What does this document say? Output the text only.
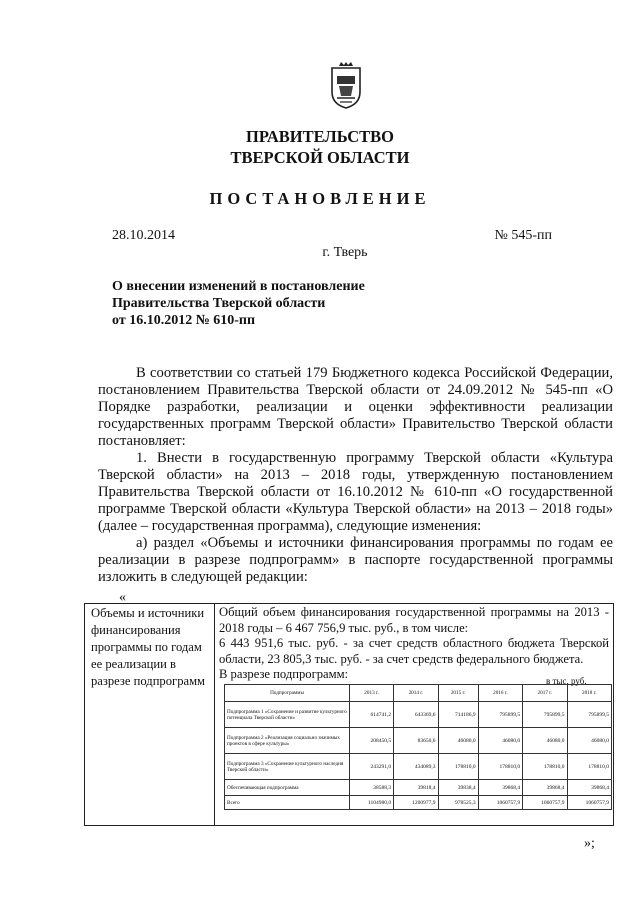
ПРАВИТЕЛЬСТВО
ТВЕРСКОЙ ОБЛАСТИ
ПОСТАНОВЛЕНИЕ
28.10.2014	№ 545-пп
г. Тверь
О внесении изменений в постановление
Правительства Тверской области
от 16.10.2012 № 610-пп

В соответствии со статьей 179 Бюджетного кодекса Российской Федерации, постановлением Правительства Тверской области от 24.09.2012 № 545-пп «О Порядке разработки, реализации и оценки эффективности реализации государственных программ Тверской области» Правительство Тверской области постановляет:

1. Внести в государственную программу Тверской области «Культура Тверской области» на 2013 – 2018 годы, утвержденную постановлением Правительства Тверской области от 16.10.2012 № 610-пп «О государственной программе Тверской области «Культура Тверской области» на 2013 – 2018 годы» (далее – государственная программа), следующие изменения:

а) раздел «Объемы и источники финансирования программы по годам ее реализации в разрезе подпрограмм» в паспорте государственной программы изложить в следующей редакции:

«
Объемы и источники финансирования программы по годам ее реализации в разрезе подпрограмм

Общий объем финансирования государственной программы на 2013 - 2018 годы – 6 467 756,9 тыс. руб., в том числе:

6 443 951,6 тыс. руб. - за счет средств областного бюджета Тверской области, 23 805,3 тыс. руб. - за счет средств федерального бюджета.

В разрезе подпрограмм:	в тыс. руб.
Подпрограммы	2013 г.	2014 г.	2015 г.	2016 г.	2017 г.	2018 г.
Подпрограмма 1 «Сохранение и развитие культурного потенциала Тверской области»	614741,2	643369,6	714186,9	795899,5	795899,5	795899,5
Подпрограмма 2 «Реализация социально значимых проектов в сфере культуры»	208450,5	83650,6	46080,0	46080,0	46080,0	46080,0
Подпрограмма 3 «Сохранение культурного наследия Тверской области»	243291,0	434089,3	178810,0	178810,0	178810,0	178810,0
Обеспечивающая подпрограмма	38588,3	39818,4	39838,4	39868,4	39868,4	39868,4
Всего	1104980,0	1200977,9	978525,3	1060757,9	1060757,9	1060757,9
»;
